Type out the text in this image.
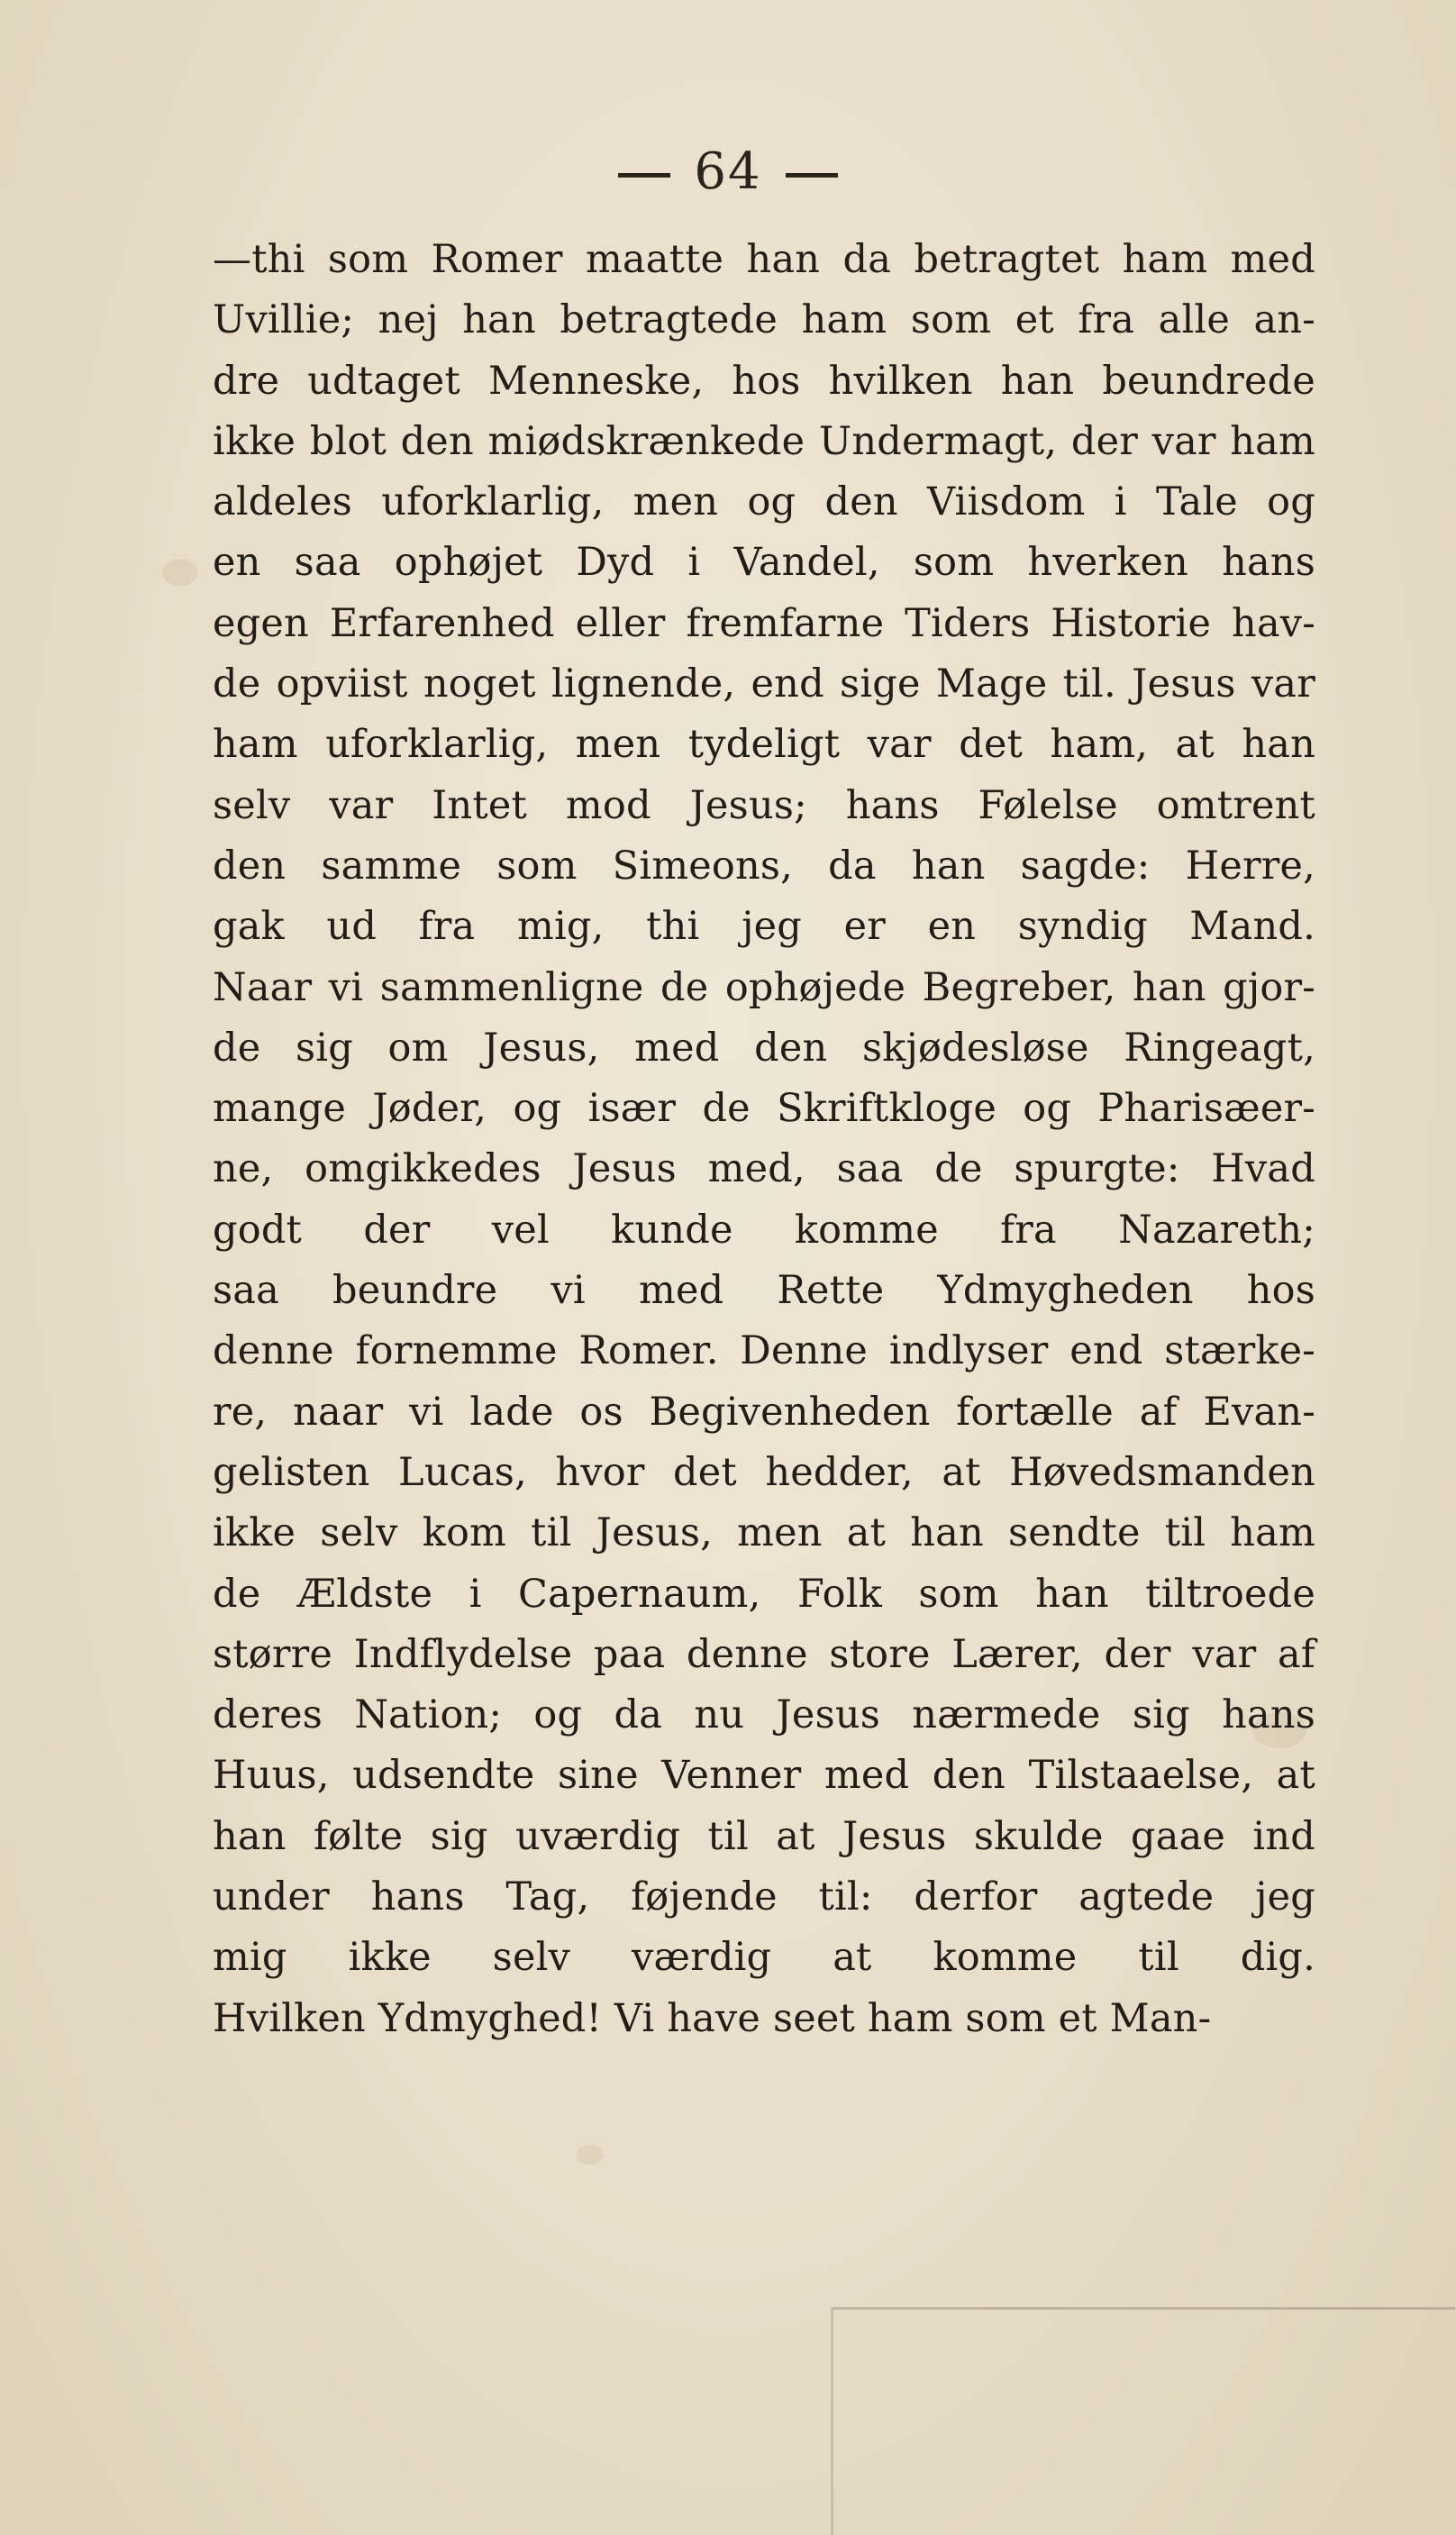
64
—thi som Romer maatte han da betragtet ham med
Uvillie; nej han betragtede ham som et fra alle an-
dre udtaget Menneske, hos hvilken han beundrede
ikke blot den miødskrænkede Undermagt, der var ham
aldeles uforklarlig, men og den Viisdom i Tale og
en saa ophøjet Dyd i Vandel, som hverken hans
egen Erfarenhed eller fremfarne Tiders Historie hav-
de opviist noget lignende, end sige Mage til. Jesus var
ham uforklarlig, men tydeligt var det ham, at han
selv var Intet mod Jesus; hans Følelse omtrent
den samme som Simeons, da han sagde: Herre,
gak ud fra mig, thi jeg er en syndig Mand.
Naar vi sammenligne de ophøjede Begreber, han gjor-
de sig om Jesus, med den skjødesløse Ringeagt,
mange Jøder, og især de Skriftkloge og Pharisæer-
ne, omgikkedes Jesus med, saa de spurgte: Hvad
godt der vel kunde komme fra Nazareth;
saa beundre vi med Rette Ydmygheden hos
denne fornemme Romer. Denne indlyser end stærke-
re, naar vi lade os Begivenheden fortælle af Evan-
gelisten Lucas, hvor det hedder, at Høvedsmanden
ikke selv kom til Jesus, men at han sendte til ham
de Ældste i Capernaum, Folk som han tiltroede
større Indflydelse paa denne store Lærer, der var af
deres Nation; og da nu Jesus nærmede sig hans
Huus, udsendte sine Venner med den Tilstaaelse, at
han følte sig uværdig til at Jesus skulde gaae ind
under hans Tag, føjende til: derfor agtede jeg
mig ikke selv værdig at komme til dig.
Hvilken Ydmyghed! Vi have seet ham som et Man-
